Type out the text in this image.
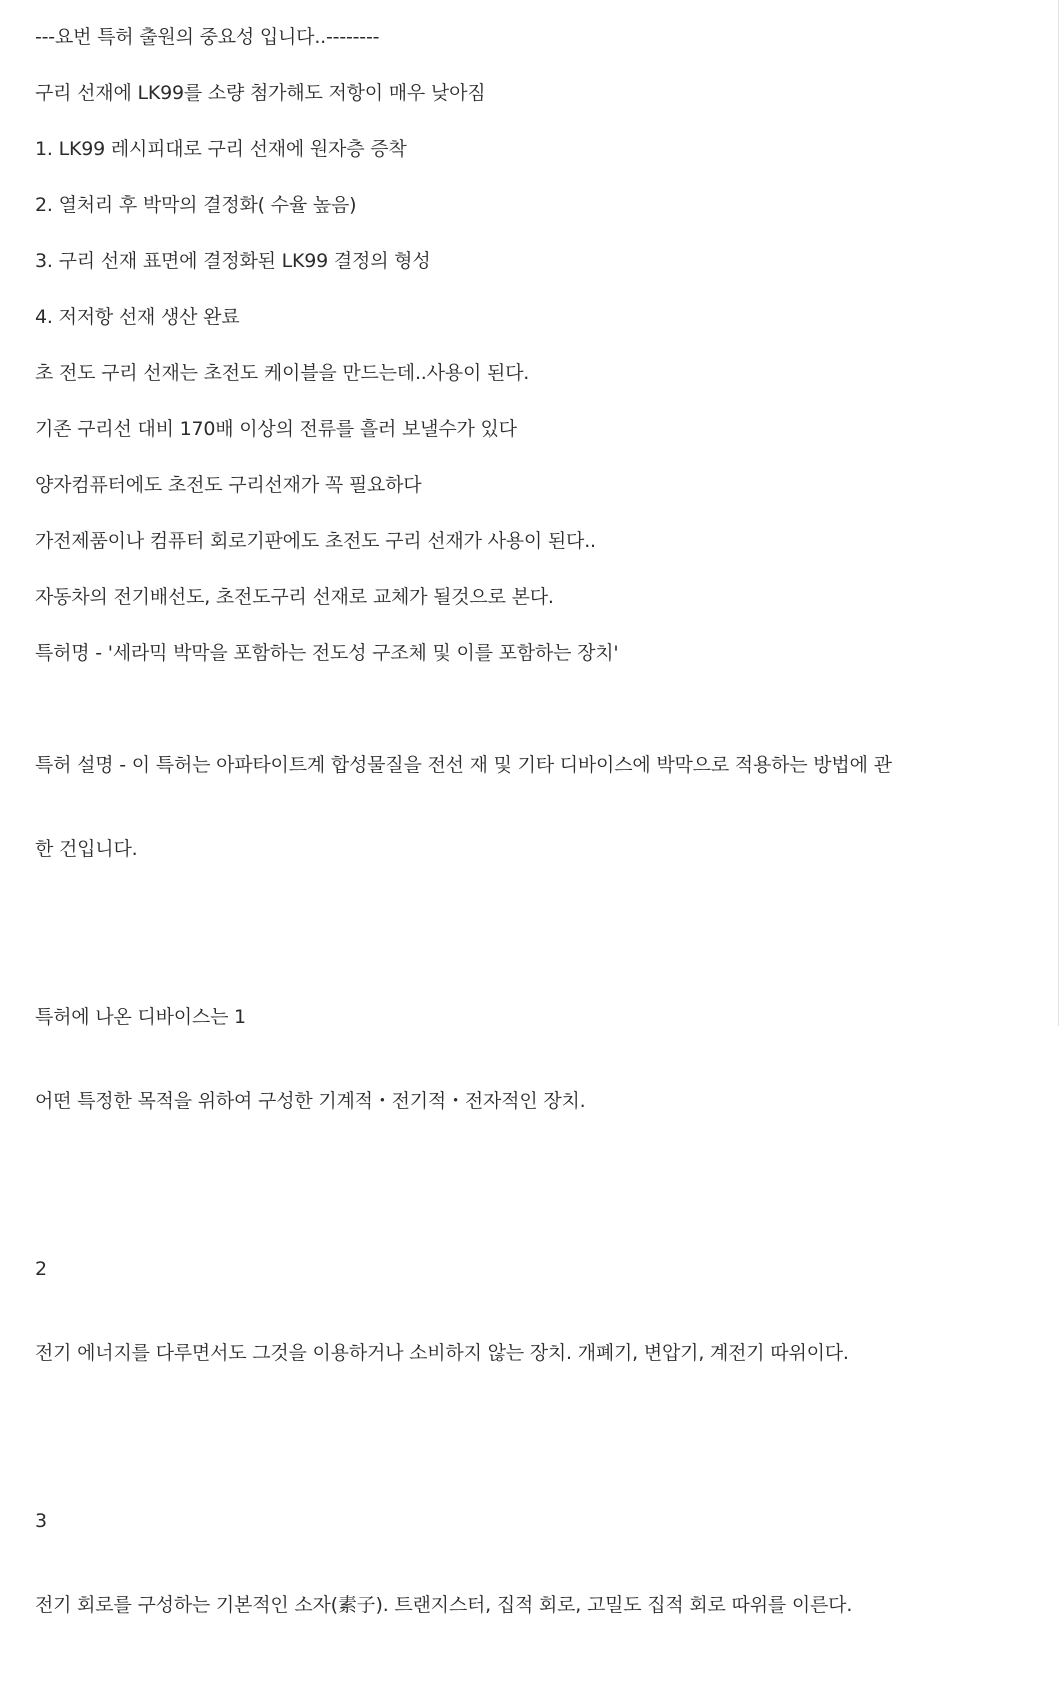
---요번 특허 출원의 중요성 입니다..--------

구리 선재에 LK99를 소량 첨가해도 저항이 매우 낮아짐

1. LK99 레시피대로 구리 선재에 원자층 증착

2. 열처리 후 박막의 결정화( 수율 높음)

3. 구리 선재 표면에 결정화된 LK99 결정의 형성

4. 저저항 선재 생산 완료

초 전도 구리 선재는 초전도 케이블을 만드는데..사용이 된다.

기존 구리선 대비 170배 이상의 전류를 흘러 보낼수가 있다

양자컴퓨터에도 초전도 구리선재가 꼭 필요하다

가전제품이나 컴퓨터 회로기판에도 초전도 구리 선재가 사용이 된다..

자동차의 전기배선도, 초전도구리 선재로 교체가 될것으로 본다.

특허명 - '세라믹 박막을 포함하는 전도성 구조체 및 이를 포함하는 장치'

특허 설명 - 이 특허는 아파타이트계 합성물질을 전선 재 및 기타 디바이스에 박막으로 적용하는 방법에 관

한 건입니다.

특허에 나온 디바이스는 1

어떤 특정한 목적을 위하여 구성한 기계적・전기적・전자적인 장치.

2

전기 에너지를 다루면서도 그것을 이용하거나 소비하지 않는 장치. 개폐기, 변압기, 계전기 따위이다.

3

전기 회로를 구성하는 기본적인 소자(素子). 트랜지스터, 집적 회로, 고밀도 집적 회로 따위를 이른다.
